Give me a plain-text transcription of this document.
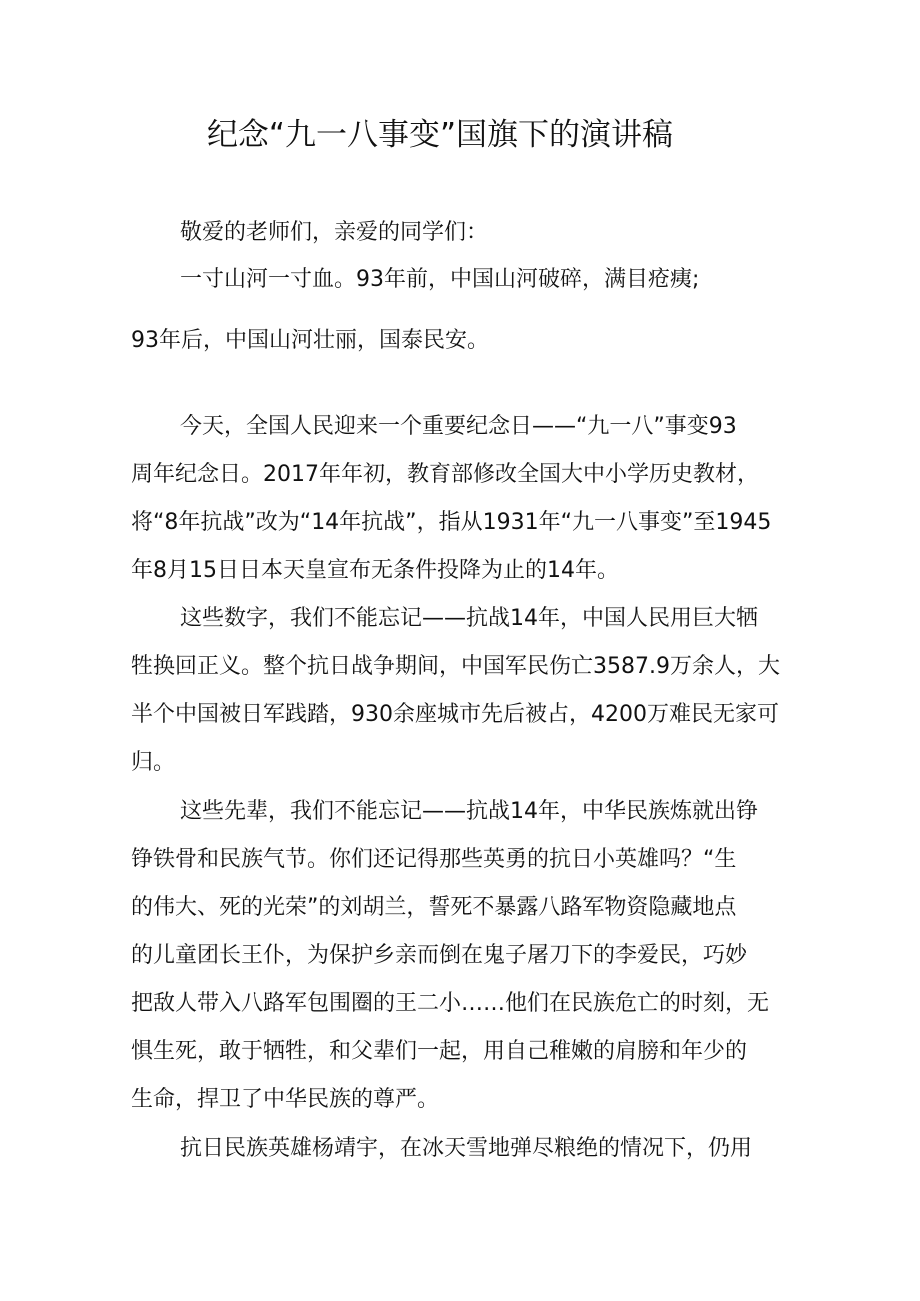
纪念“九一八事变”国旗下的演讲稿

敬爱的老师们，亲爱的同学们：

一寸山河一寸血。93年前，中国山河破碎，满目疮痍;

93年后，中国山河壮丽，国泰民安。

今天，全国人民迎来一个重要纪念日——“九一八”事变93

周年纪念日。2017年年初，教育部修改全国大中小学历史教材，

将“8年抗战”改为“14年抗战”，指从1931年“九一八事变”至1945

年8月15日日本天皇宣布无条件投降为止的14年。

这些数字，我们不能忘记——抗战14年，中国人民用巨大牺

牲换回正义。整个抗日战争期间，中国军民伤亡3587.9万余人，大

半个中国被日军践踏，930余座城市先后被占，4200万难民无家可

归。

这些先辈，我们不能忘记——抗战14年，中华民族炼就出铮

铮铁骨和民族气节。你们还记得那些英勇的抗日小英雄吗？“生

的伟大、死的光荣”的刘胡兰，誓死不暴露八路军物资隐藏地点

的儿童团长王仆，为保护乡亲而倒在鬼子屠刀下的李爱民，巧妙

把敌人带入八路军包围圈的王二小……他们在民族危亡的时刻，无

惧生死，敢于牺牲，和父辈们一起，用自己稚嫩的肩膀和年少的

生命，捍卫了中华民族的尊严。

抗日民族英雄杨靖宇，在冰天雪地弹尽粮绝的情况下，仍用
